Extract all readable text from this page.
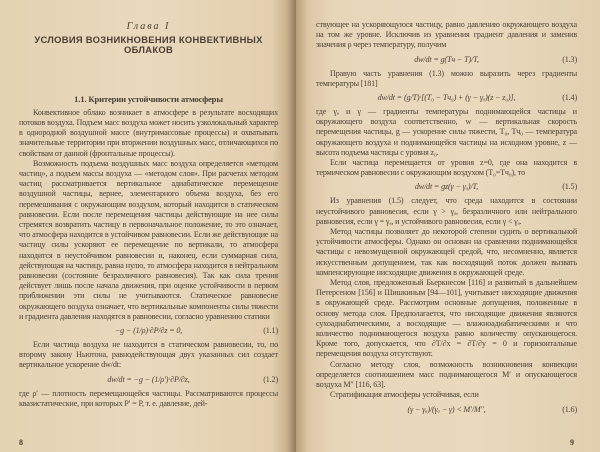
Глава I
УСЛОВИЯ ВОЗНИКНОВЕНИЯ КОНВЕКТИВНЫХ ОБЛАКОВ
1.1. Критерии устойчивости атмосферы

Конвективное облако возникает в атмосфере в результате восходящих потоков воздуха. Подъем масс воздуха может носить узколокальный характер в однородной воздушной массе (внутримассовые процессы) и охватывать значительные территории при вторжении воздушных масс, отличающихся по свойствам от данной (фронтальные процессы).

Возможность подъема воздушных масс воздуха определяется «методом частиц», а подъем массы воздуха — «методом слоя». При расчетах методом частиц рассматривается вертикальное адиабатическое перемещение воздушной частицы, вернее, элементарного объема воздуха, без его перемешивания с окружающим воздухом, который находится в статическом равновесии. Если после перемещения частицы действующие на нее силы стремятся возвратить частицу в первоначальное положение, то это означает, что атмосфера находится в устойчивом равновесии. Если же действующие на частицу силы ускоряют ее перемещение по вертикали, то атмосфера находится в неустойчивом равновесии и, наконец, если суммарная сила, действующая на частицу, равна нулю, то атмосфера находится в нейтральном равновесии (состояние безразличного равновесия). Так как сила трения действует лишь после начала движения, при оценке устойчивости в первом приближении эти силы не учитываются. Статическое равновесие окружающего воздуха означает, что вертикальные компоненты силы тяжести и градиента давления находятся в равновесии, согласно уравнению статики

−g − (1/ρ)·∂P/∂z = 0,	(1.1)

Если частица воздуха не находится в статическом равновесии, то, по второму закону Ньютона, равнодействующая двух указанных сил создает вертикальное ускорение dw/dt:

dw/dt = −g − (1/ρ′)·∂P/∂z,	(1.2)

где ρ′ — плотность перемещающейся частицы. Рассматриваются процессы квазистатические, при которых P′ = P, т. е. давление, дей-

8

ствующее на ускоряющуюся частицу, равно давлению окружающего воздуха на том же уровне. Исключив из уравнения градиент давления и заменив значения ρ через температуру, получим

dw/dt = g(Tч − T)/T,	(1.3)

Правую часть уравнения (1.3) можно выразить через градиенты температуры [181]

dw/dt = (g/T)·[(T₀ − Tч₀) + (γ − γₐ)(z − z₀)],	(1.4)

где γₐ и γ — градиенты температуры поднимающейся частицы и окружающего воздуха соответственно, w — вертикальная скорость перемещения частицы, g — ускорение силы тяжести, T₀, Tч₀ — температура окружающего воздуха и поднимающейся частицы на исходном уровне, z — высота подъема частицы с уровня z₀.

Если частица перемещается от уровня z=0, где она находится в термическом равновесии с окружающим воздухом (T₀=Tч₀), то

dw/dt = gz(γ − γₐ)/T,	(1.5)

Из уравнения (1.5) следует, что среда находится в состоянии неустойчивого равновесия, если γ > γₐ, безразличного или нейтрального равновесия, если γ = γₐ, и устойчивого равновесия, если γ < γₐ.

Метод частицы позволяет до некоторой степени судить о вертикальной устойчивости атмосферы. Однако он основан на сравнении поднимающейся частицы с невозмущенной окружающей средой, что, несомненно, является искусственным допущением, так как восходящий поток должен вызвать компенсирующие нисходящие движения в окружающей среде.

Метод слоя, предложенный Бьеркнесом [116] и развитый в дальнейшем Петерсеном [156] и Шишкиным [94—101], учитывает нисходящие движения в окружающей среде. Рассмотрим основные допущения, положенные в основу метода слоя. Предполагается, что нисходящие движения являются сухоадиабатическими, а восходящие — влажноадиабатическими и что количество поднимающегося воздуха равно количеству опускающегося. Кроме того, допускается, что ∂T/∂x = ∂T/∂y = 0 и горизонтальные перемещения воздуха отсутствуют.

Согласно методу слоя, возможность возникновения конвекции определяется соотношением масс поднимающегося M′ и опускающегося воздуха M″ [116, 63].

Стратификация атмосферы устойчивая, если

(γ − γₐ)/(γₐ − γ) < M′/M″,	(1.6)
9
